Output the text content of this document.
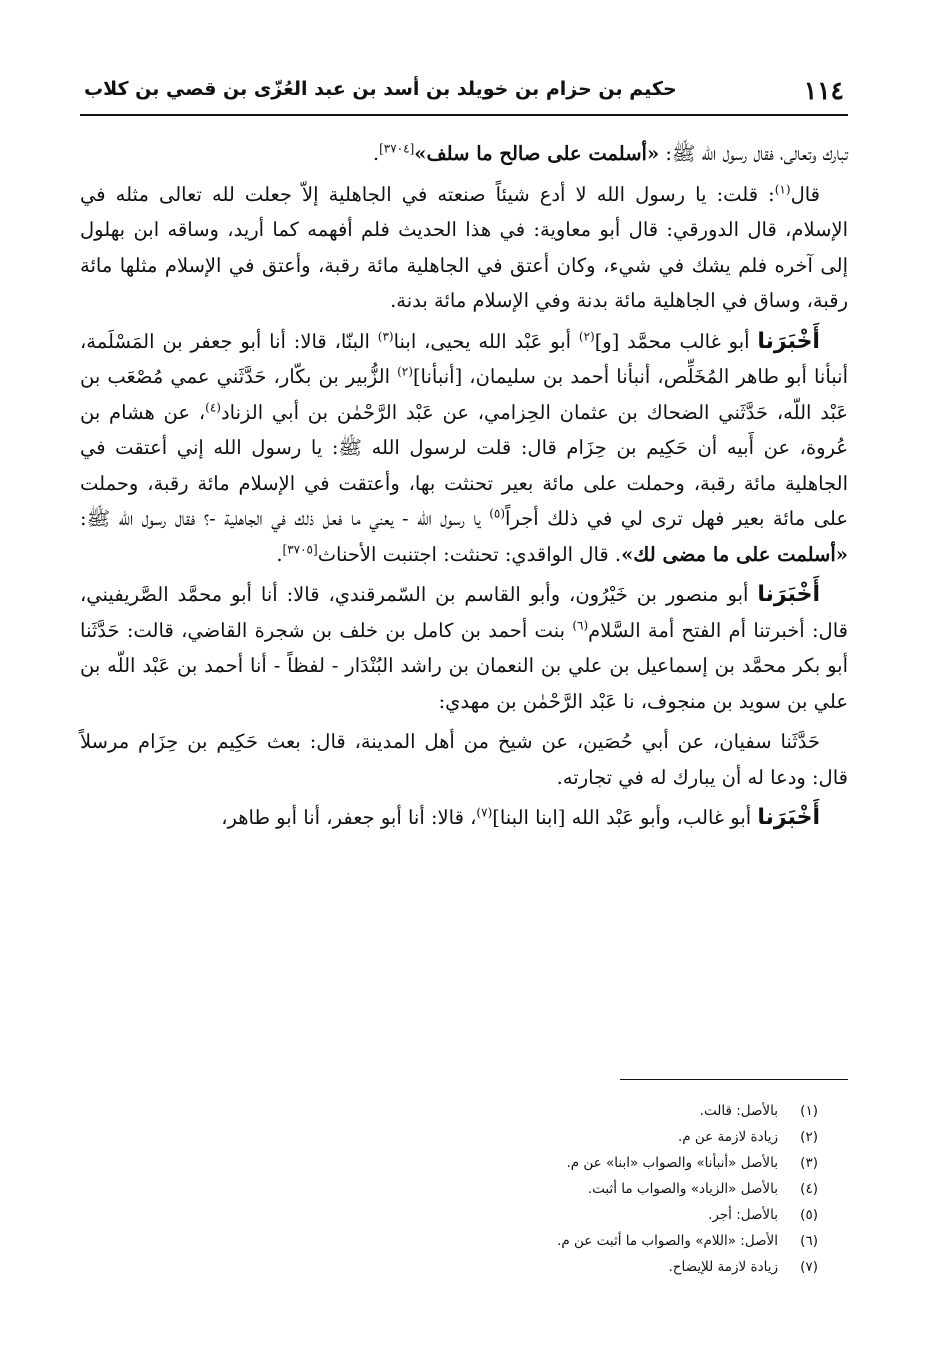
١١٤
حكيم بن حزام بن خويلد بن أسد بن عبد العُزّى بن قصي بن كلاب

تبارك وتعالى، فقال رسول الله ﷺ: «أسلمت على صالح ما سلف»[٣٧٠٤].

قال$^{(١)}$: قلت: يا رسول الله لا أدع شيئاً صنعته في الجاهلية إلاّ جعلت لله تعالى مثله في الإسلام، قال الدورقي: قال أبو معاوية: في هذا الحديث فلم أفهمه كما أريد، وساقه ابن بهلول إلى آخره فلم يشك في شيء، وكان أعتق في الجاهلية مائة رقبة، وأعتق في الإسلام مثلها مائة رقبة، وساق في الجاهلية مائة بدنة وفي الإسلام مائة بدنة.

أَخْبَرَنا أبو غالب محمَّد [و]$^{(٢)}$ أبو عَبْد الله يحيى، ابنا$^{(٣)}$ البنّا، قالا: أنا أبو جعفر بن المَسْلَمة، أنبأنا أبو طاهر المُخَلِّص، أنبأنا أحمد بن سليمان، [أنبأنا]$^{(٢)}$ الزُّبير بن بكّار، حَدَّثَني عمي مُصْعَب بن عَبْد اللّه، حَدَّثَني الضحاك بن عثمان الحِزامي، عن عَبْد الرَّحْمٰن بن أبي الزناد$^{(٤)}$، عن هشام بن عُروة، عن أَبيه أن حَكِيم بن حِزَام قال: قلت لرسول الله ﷺ: يا رسول الله إني أعتقت في الجاهلية مائة رقبة، وحملت على مائة بعير تحنثت بها، وأعتقت في الإسلام مائة رقبة، وحملت على مائة بعير فهل ترى لي في ذلك أجراً$^{(٥)}$ يا رسول الله - يعني ما فعل ذلك في الجاهلية -؟ فقال رسول الله ﷺ: «أسلمت على ما مضى لك». قال الواقدي: تحنثت: اجتنبت الأحناث[٣٧٠٥].

أَخْبَرَنا أبو منصور بن خَيْرُون، وأبو القاسم بن السّمرقندي، قالا: أنا أبو محمَّد الصَّريفيني، قال: أخبرتنا أم الفتح أمة السَّلام$^{(٦)}$ بنت أحمد بن كامل بن خلف بن شجرة القاضي، قالت: حَدَّثَنا أبو بكر محمَّد بن إسماعيل بن علي بن النعمان بن راشد البُنْدَار - لفظاً - أنا أحمد بن عَبْد اللّه بن علي بن سويد بن منجوف، نا عَبْد الرَّحْمٰن بن مهدي:

حَدَّثَنا سفيان، عن أبي حُصَين، عن شيخ من أهل المدينة، قال: بعث حَكِيم بن حِزَام مرسلاً قال: ودعا له أن يبارك له في تجارته.

أَخْبَرَنا أبو غالب، وأبو عَبْد الله [ابنا البنا]$^{(٧)}$، قالا: أنا أبو جعفر، أنا أبو طاهر،

(١)
بالأصل: قالت.
(٢)
زيادة لازمة عن م.
(٣)
بالأصل «أنبأنا» والصواب «ابنا» عن م.
(٤)
بالأصل «الزياد» والصواب ما أثبت.
(٥)
بالأصل: أجر.
(٦)
الأصل: «اللام» والصواب ما أثبت عن م.
(٧)
زيادة لازمة للإيضاح.
